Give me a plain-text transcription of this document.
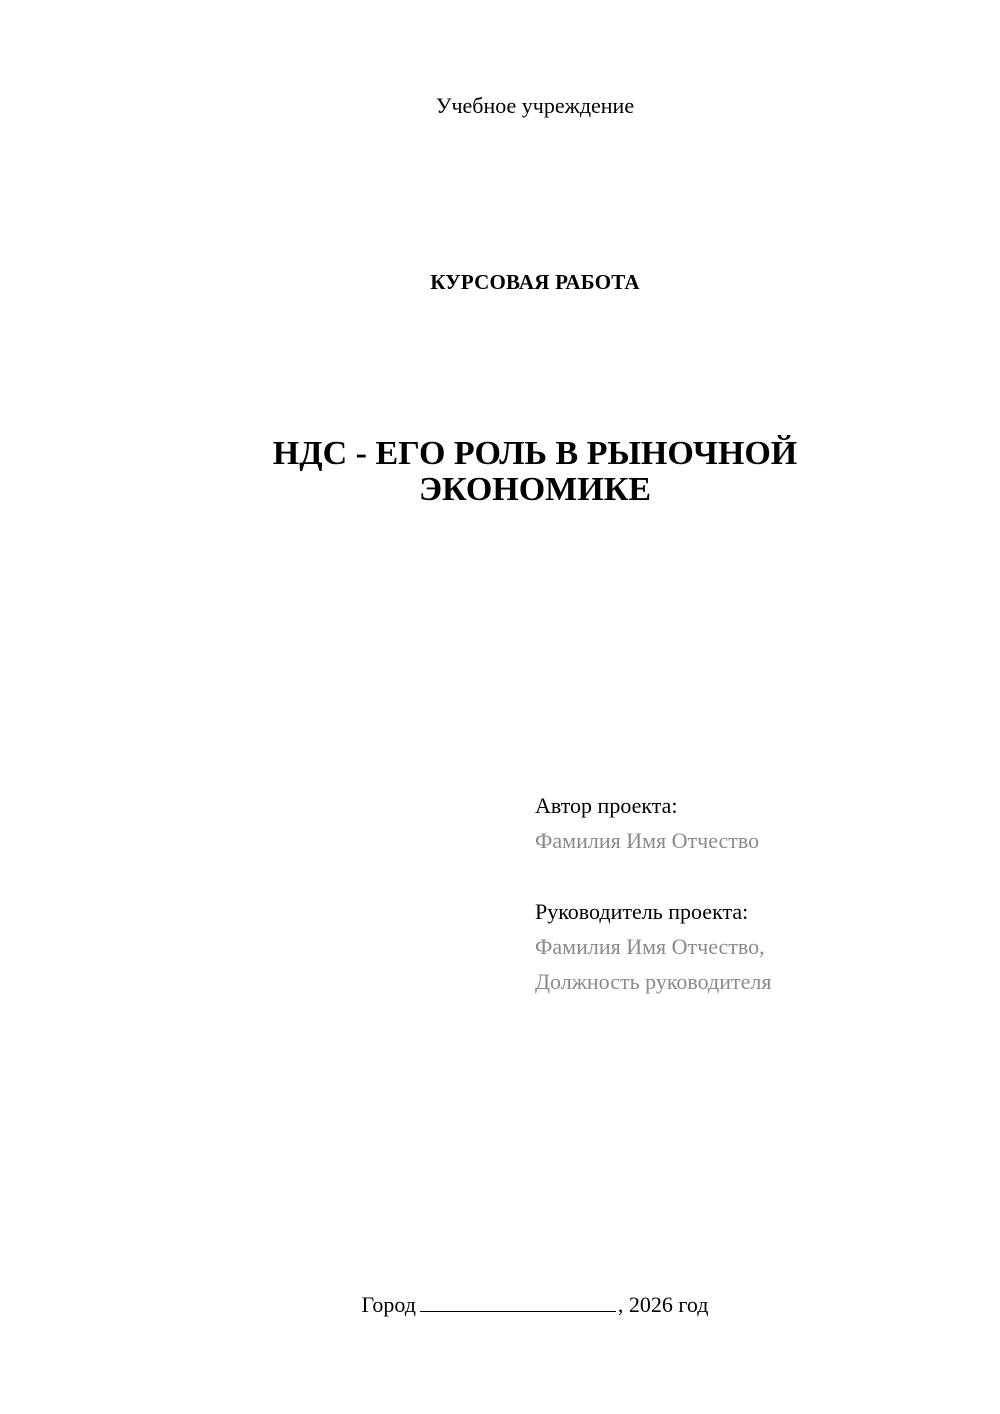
Учебное учреждение
КУРСОВАЯ РАБОТА
НДС - ЕГО РОЛЬ В РЫНОЧНОЙ
ЭКОНОМИКЕ
Автор проекта:
Фамилия Имя Отчество
Руководитель проекта:
Фамилия Имя Отчество,
Должность руководителя
Город	, 2026 год
